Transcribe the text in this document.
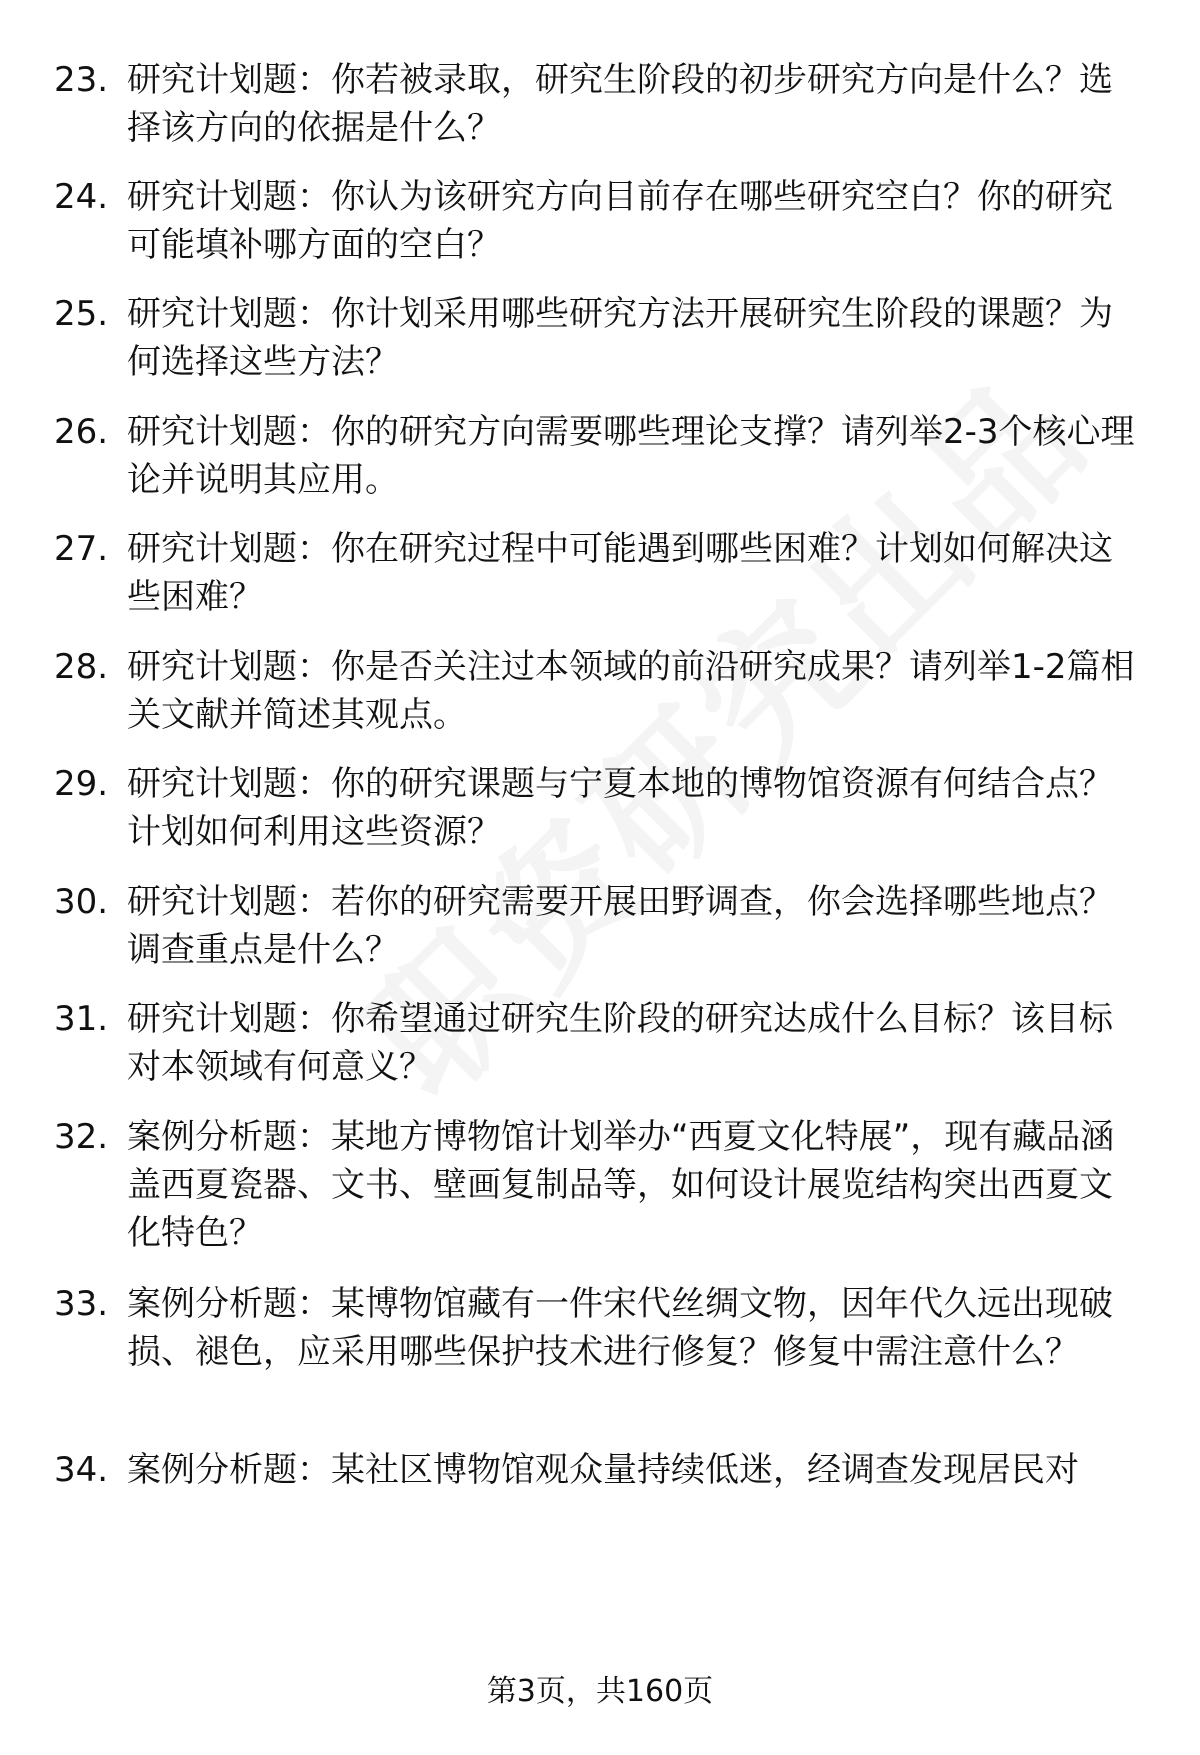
23. 研究计划题：你若被录取，研究生阶段的初步研究方向是什么？选择该方向的依据是什么？
24. 研究计划题：你认为该研究方向目前存在哪些研究空白？你的研究可能填补哪方面的空白？
25. 研究计划题：你计划采用哪些研究方法开展研究生阶段的课题？为何选择这些方法？
26. 研究计划题：你的研究方向需要哪些理论支撑？请列举2-3个核心理论并说明其应用。
27. 研究计划题：你在研究过程中可能遇到哪些困难？计划如何解决这些困难？
28. 研究计划题：你是否关注过本领域的前沿研究成果？请列举1-2篇相关文献并简述其观点。
29. 研究计划题：你的研究课题与宁夏本地的博物馆资源有何结合点？计划如何利用这些资源？
30. 研究计划题：若你的研究需要开展田野调查，你会选择哪些地点？调查重点是什么？
31. 研究计划题：你希望通过研究生阶段的研究达成什么目标？该目标对本领域有何意义？
32. 案例分析题：某地方博物馆计划举办“西夏文化特展”，现有藏品涵盖西夏瓷器、文书、壁画复制品等，如何设计展览结构突出西夏文化特色？
33. 案例分析题：某博物馆藏有一件宋代丝绸文物，因年代久远出现破损、褪色，应采用哪些保护技术进行修复？修复中需注意什么？
34. 案例分析题：某社区博物馆观众量持续低迷，经调查发现居民对
第3页，共160页
